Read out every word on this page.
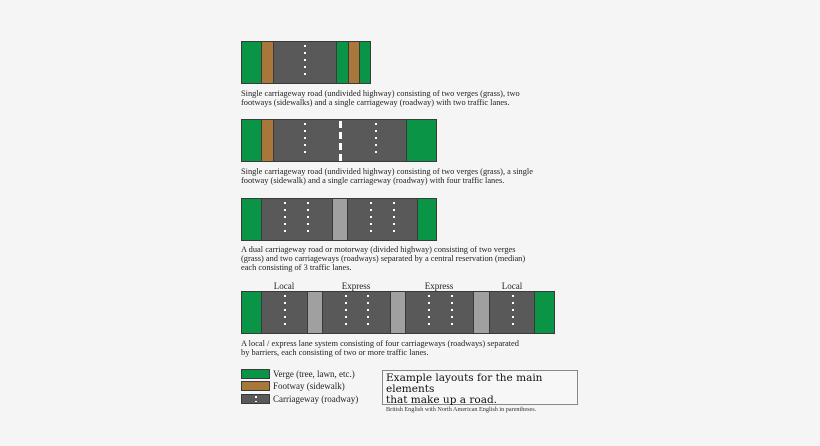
Single carriageway road (undivided highway) consisting of two verges (grass), two
footways (sidewalks) and a single carriageway (roadway) with two traffic lanes.
Single carriageway road (undivided highway) consisting of two verges (grass), a single
footway (sidewalk) and a single carriageway (roadway) with four traffic lanes.
A dual carriageway road or motorway (divided highway) consisting of two verges
(grass) and two carriageways (roadways) separated by a central reservation (median)
each consisting of 3 traffic lanes.
Local	Express	Express	Local
A local / express lane system consisting of four carriageways (roadways) separated
by barriers, each consisting of two or more traffic lanes.
Verge (tree, lawn, etc.)
Footway (sidewalk)
Carriageway (roadway)
Example layouts for the main elements
that make up a road.
British English with North American English in parentheses.
